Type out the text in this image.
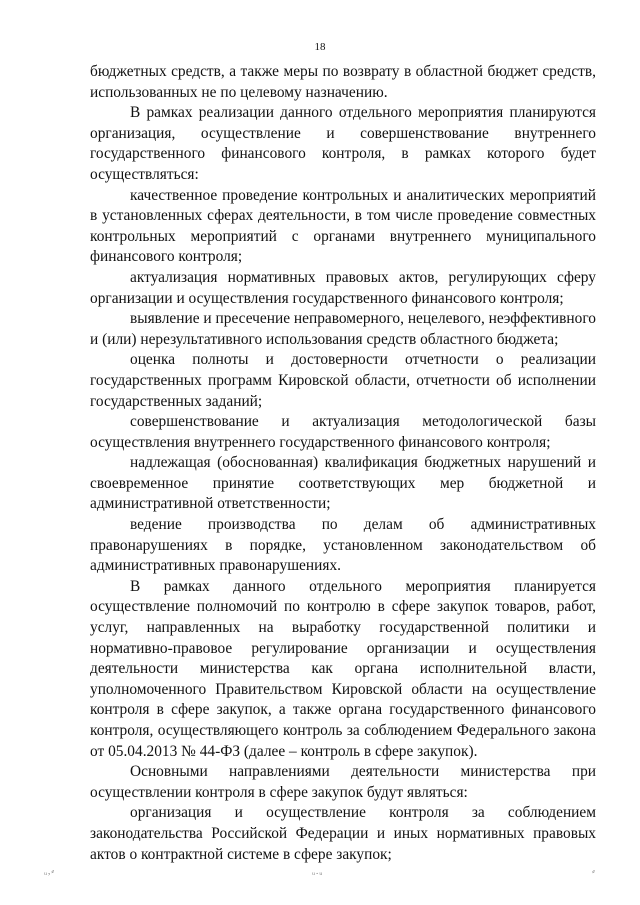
18

бюджетных средств, а также меры по возврату в областной бюджет средств, использованных не по целевому назначению.

В рамках реализации данного отдельного мероприятия планируются организация, осуществление и совершенствование внутреннего государственного финансового контроля, в рамках которого будет осуществляться:

качественное проведение контрольных и аналитических мероприятий в установленных сферах деятельности, в том числе проведение совместных контрольных мероприятий с органами внутреннего муниципального финансового контроля;

актуализация нормативных правовых актов, регулирующих сферу организации и осуществления государственного финансового контроля;

выявление и пресечение неправомерного, нецелевого, неэффективного и (или) нерезультативного использования средств областного бюджета;

оценка полноты и достоверности отчетности о реализации государственных программ Кировской области, отчетности об исполнении государственных заданий;

совершенствование и актуализация методологической базы осуществления внутреннего государственного финансового контроля;

надлежащая (обоснованная) квалификация бюджетных нарушений и своевременное принятие соответствующих мер бюджетной и административной ответственности;

ведение производства по делам об административных правонарушениях в порядке, установленном законодательством об административных правонарушениях.

В рамках данного отдельного мероприятия планируется осуществление полномочий по контролю в сфере закупок товаров, работ, услуг, направленных на выработку государственной политики и нормативно-правовое регулирование организации и осуществления деятельности министерства как органа исполнительной власти, уполномоченного Правительством Кировской области на осуществление контроля в сфере закупок, а также органа государственного финансового контроля, осуществляющего контроль за соблюдением Федерального закона от 05.04.2013 № 44-ФЗ (далее – контроль в сфере закупок).

Основными направлениями деятельности министерства при осуществлении контроля в сфере закупок будут являться:

организация и осуществление контроля за соблюдением законодательства Российской Федерации и иных нормативных правовых актов о контрактной системе в сфере закупок;

ᵤ,⸗	ᵤ.ᵤ	⸗
